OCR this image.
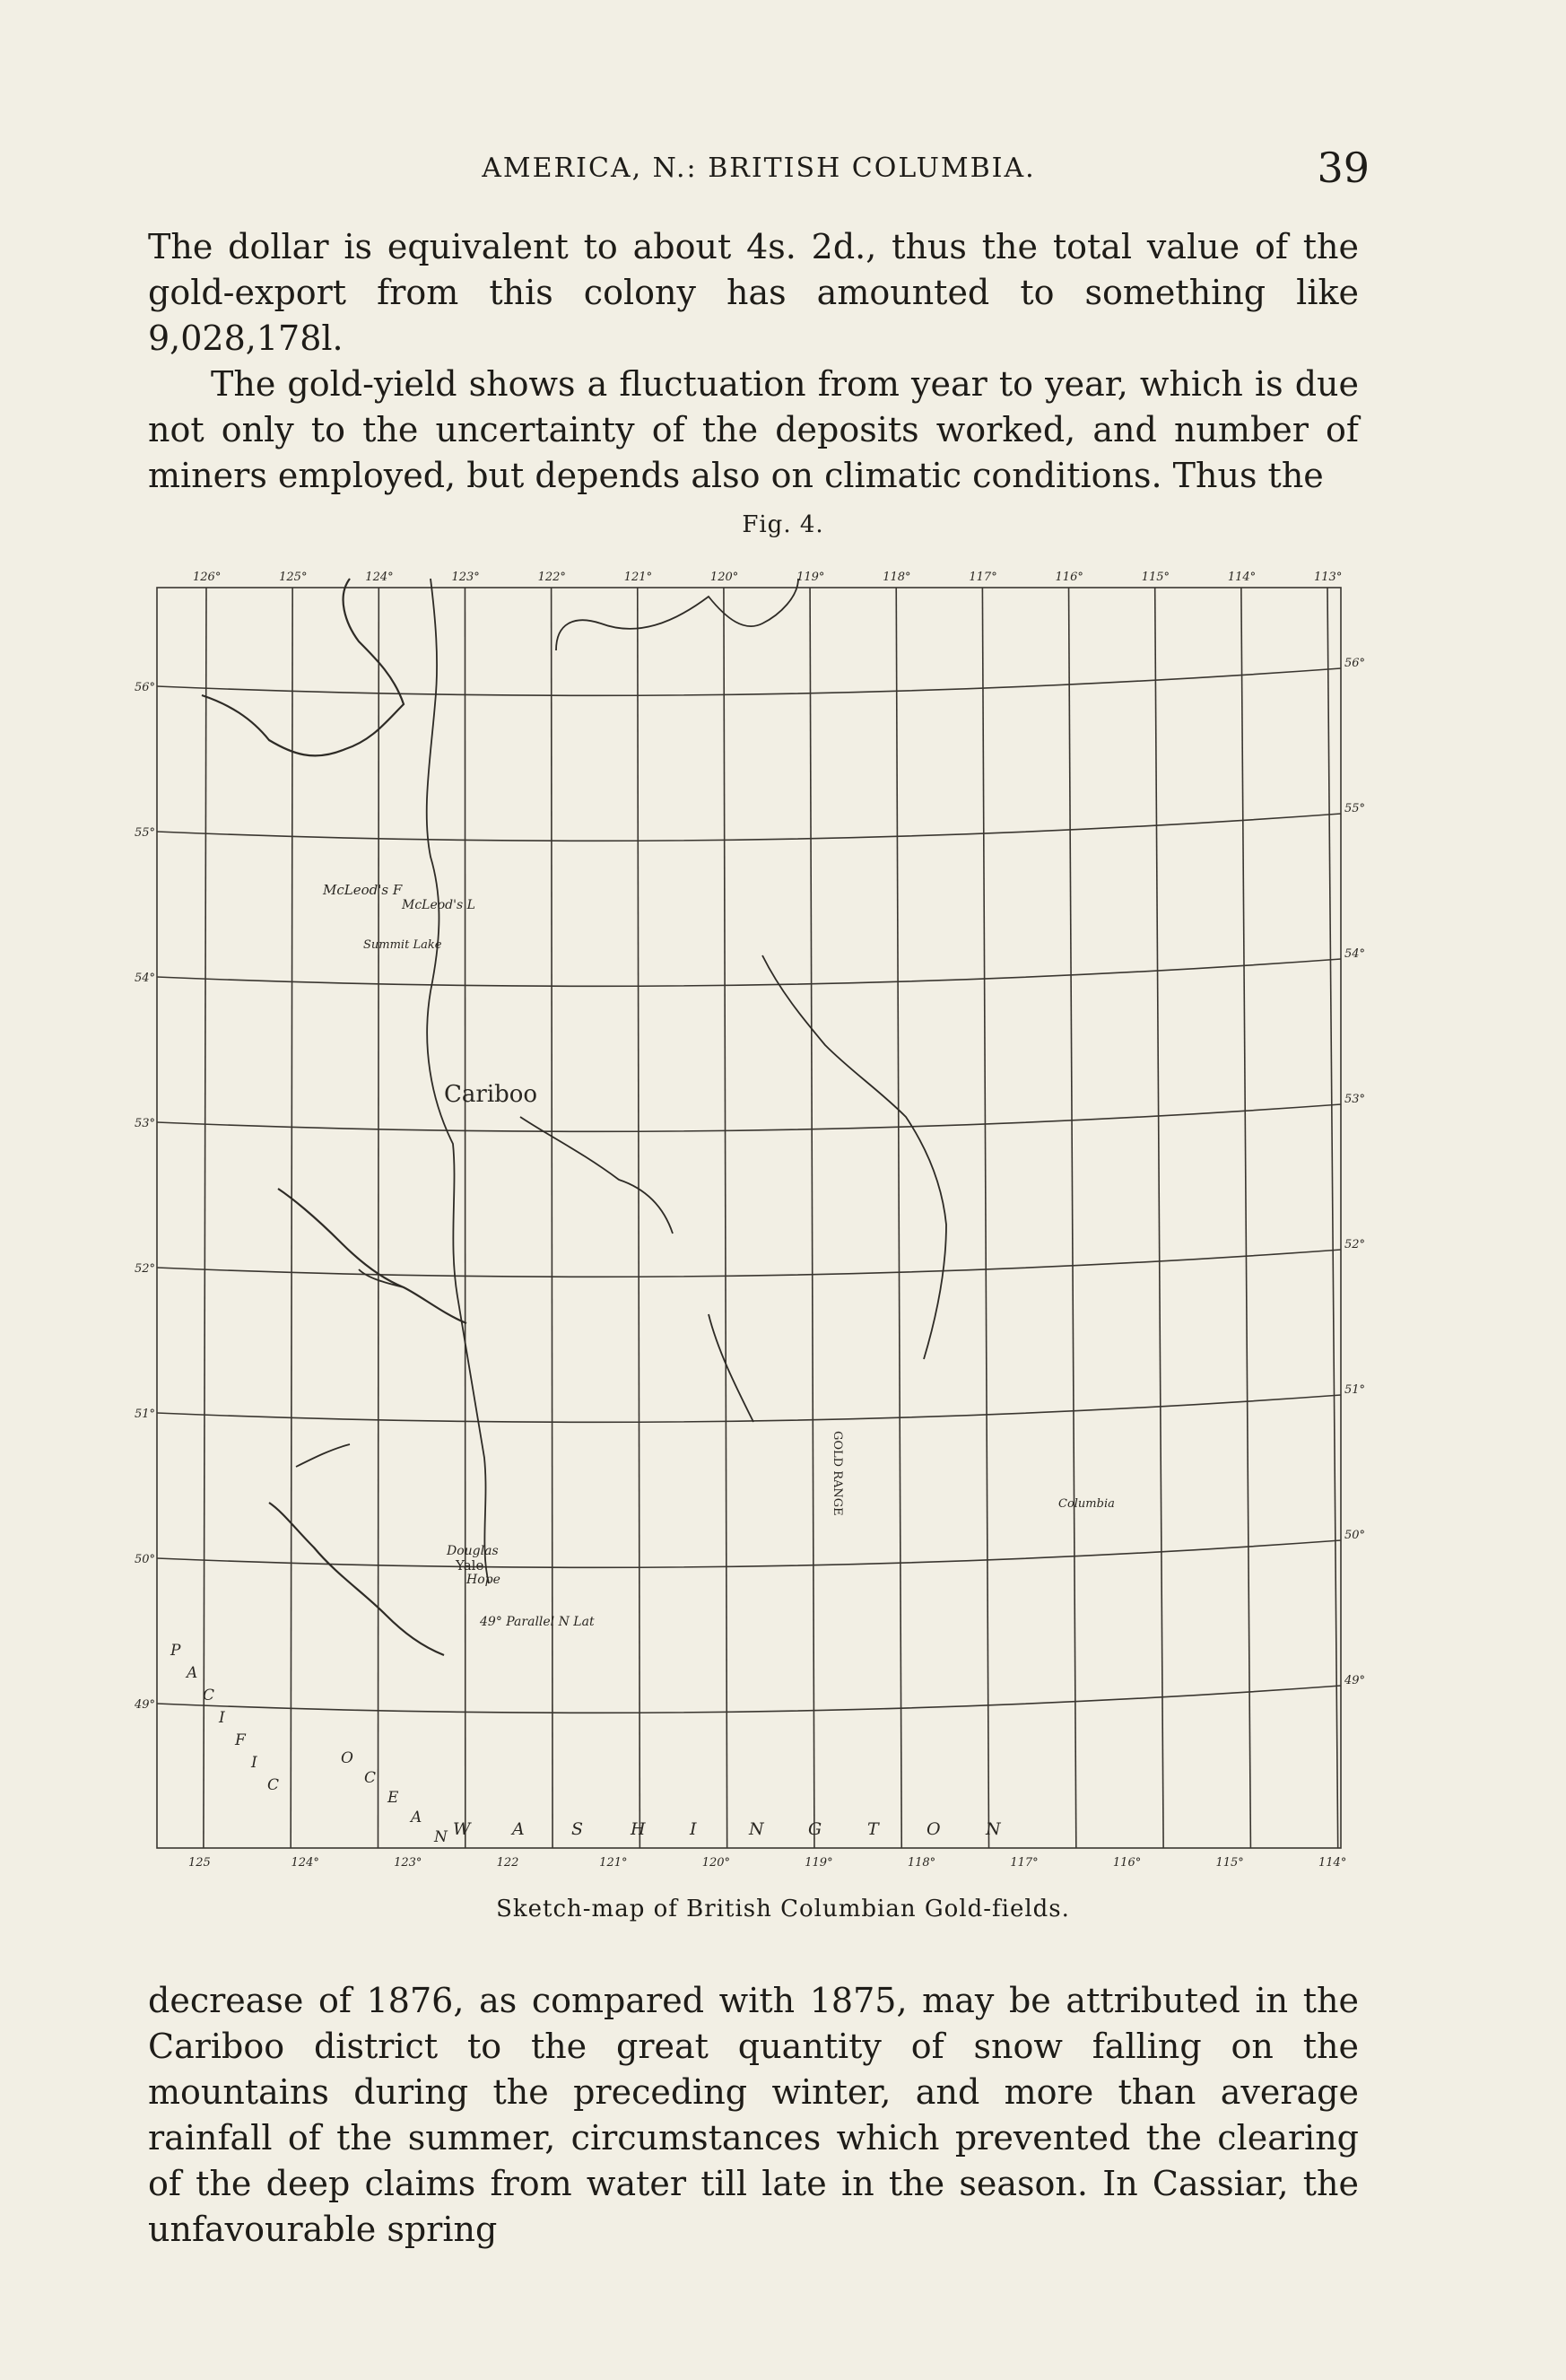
AMERICA, N.: BRITISH COLUMBIA.	39

The dollar is equivalent to about 4s. 2d., thus the total value of the gold-export from this colony has amounted to something like 9,028,178l.

The gold-yield shows a fluctuation from year to year, which is due not only to the uncertainty of the deposits worked, and number of miners employed, but depends also on climatic conditions. Thus the

Fig. 4.
126°	125°	124°	123°	122°	121°	120°	119°	118°	117°	116°	115°	114°	113°
125	124°	123°	122	121°	120°	119°	118°	117°	116°	115°	114°
56°
55°
54°
53°
52°
51°
50°
49°
56°
55°
54°
53°
52°
51°
50°
49°
Cariboo
McLeod's F
McLeod's L
Summit Lake
Douglas
Yale
Hope
49° Parallel N Lat
GOLD RANGE	Columbia
W A	S	H	I	N	G	T	O	N
P
A
C
I
F
I
C
O
C
E
A
N
Sketch-map of British Columbian Gold-fields.

decrease of 1876, as compared with 1875, may be attributed in the Cariboo district to the great quantity of snow falling on the mountains during the preceding winter, and more than average rainfall of the summer, circumstances which prevented the clearing of the deep claims from water till late in the season. In Cassiar, the unfavourable spring
